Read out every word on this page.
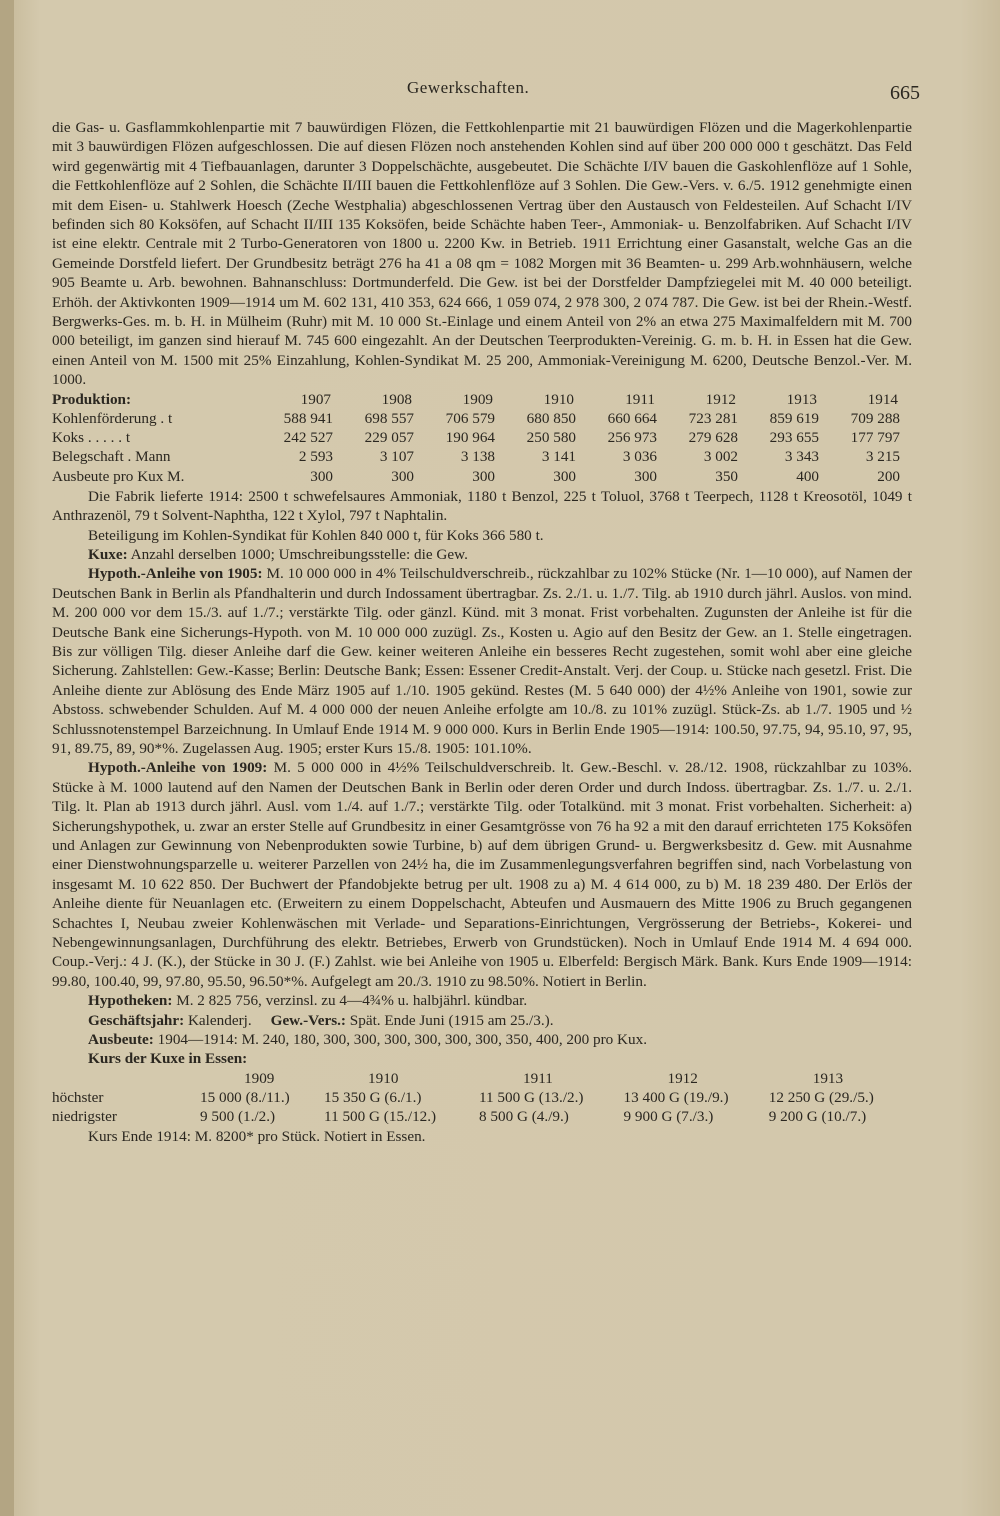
Gewerkschaften.	665

die Gas- u. Gasflammkohlenpartie mit 7 bauwürdigen Flözen, die Fettkohlenpartie mit 21 bauwürdigen Flözen und die Magerkohlenpartie mit 3 bauwürdigen Flözen aufgeschlossen. Die auf diesen Flözen noch anstehenden Kohlen sind auf über 200 000 000 t geschätzt. Das Feld wird gegenwärtig mit 4 Tiefbauanlagen, darunter 3 Doppelschächte, ausgebeutet. Die Schächte I/IV bauen die Gaskohlenflöze auf 1 Sohle, die Fettkohlenflöze auf 2 Sohlen, die Schächte II/III bauen die Fettkohlenflöze auf 3 Sohlen. Die Gew.-Vers. v. 6./5. 1912 genehmigte einen mit dem Eisen- u. Stahlwerk Hoesch (Zeche Westphalia) abgeschlossenen Vertrag über den Austausch von Feldesteilen. Auf Schacht I/IV befinden sich 80 Koksöfen, auf Schacht II/III 135 Koksöfen, beide Schächte haben Teer-, Ammoniak- u. Benzolfabriken. Auf Schacht I/IV ist eine elektr. Centrale mit 2 Turbo-Generatoren von 1800 u. 2200 Kw. in Betrieb. 1911 Errichtung einer Gasanstalt, welche Gas an die Gemeinde Dorstfeld liefert. Der Grundbesitz beträgt 276 ha 41 a 08 qm = 1082 Morgen mit 36 Beamten- u. 299 Arb.wohnhäusern, welche 905 Beamte u. Arb. bewohnen. Bahnanschluss: Dortmunderfeld. Die Gew. ist bei der Dorstfelder Dampfziegelei mit M. 40 000 beteiligt. Erhöh. der Aktivkonten 1909—1914 um M. 602 131, 410 353, 624 666, 1 059 074, 2 978 300, 2 074 787. Die Gew. ist bei der Rhein.-Westf. Bergwerks-Ges. m. b. H. in Mülheim (Ruhr) mit M. 10 000 St.-Einlage und einem Anteil von 2% an etwa 275 Maximalfeldern mit M. 700 000 beteiligt, im ganzen sind hierauf M. 745 600 eingezahlt. An der Deutschen Teerprodukten-Vereinig. G. m. b. H. in Essen hat die Gew. einen Anteil von M. 1500 mit 25% Einzahlung, Kohlen-Syndikat M. 25 200, Ammoniak-Vereinigung M. 6200, Deutsche Benzol.-Ver. M. 1000.

Produktion:	1907	1908	1909	1910	1911	1912	1913	1914
Kohlenförderung . t	588 941	698 557	706 579	680 850	660 664	723 281	859 619	709 288
Koks . . . . . t	242 527	229 057	190 964	250 580	256 973	279 628	293 655	177 797
Belegschaft . Mann	2 593	3 107	3 138	3 141	3 036	3 002	3 343	3 215
Ausbeute pro Kux M.	300	300	300	300	300	350	400	200

Die Fabrik lieferte 1914: 2500 t schwefelsaures Ammoniak, 1180 t Benzol, 225 t Toluol, 3768 t Teerpech, 1128 t Kreosotöl, 1049 t Anthrazenöl, 79 t Solvent-Naphtha, 122 t Xylol, 797 t Naphtalin.

Beteiligung im Kohlen-Syndikat für Kohlen 840 000 t, für Koks 366 580 t.

Kuxe: Anzahl derselben 1000; Umschreibungsstelle: die Gew.

Hypoth.-Anleihe von 1905: M. 10 000 000 in 4% Teilschuldverschreib., rückzahlbar zu 102% Stücke (Nr. 1—10 000), auf Namen der Deutschen Bank in Berlin als Pfandhalterin und durch Indossament übertragbar. Zs. 2./1. u. 1./7. Tilg. ab 1910 durch jährl. Auslos. von mind. M. 200 000 vor dem 15./3. auf 1./7.; verstärkte Tilg. oder gänzl. Künd. mit 3 monat. Frist vorbehalten. Zugunsten der Anleihe ist für die Deutsche Bank eine Sicherungs-Hypoth. von M. 10 000 000 zuzügl. Zs., Kosten u. Agio auf den Besitz der Gew. an 1. Stelle eingetragen. Bis zur völligen Tilg. dieser Anleihe darf die Gew. keiner weiteren Anleihe ein besseres Recht zugestehen, somit wohl aber eine gleiche Sicherung. Zahlstellen: Gew.-Kasse; Berlin: Deutsche Bank; Essen: Essener Credit-Anstalt. Verj. der Coup. u. Stücke nach gesetzl. Frist. Die Anleihe diente zur Ablösung des Ende März 1905 auf 1./10. 1905 gekünd. Restes (M. 5 640 000) der 4½% Anleihe von 1901, sowie zur Abstoss. schwebender Schulden. Auf M. 4 000 000 der neuen Anleihe erfolgte am 10./8. zu 101% zuzügl. Stück-Zs. ab 1./7. 1905 und ½ Schlussnotenstempel Barzeichnung. In Umlauf Ende 1914 M. 9 000 000. Kurs in Berlin Ende 1905—1914: 100.50, 97.75, 94, 95.10, 97, 95, 91, 89.75, 89, 90*%. Zugelassen Aug. 1905; erster Kurs 15./8. 1905: 101.10%.

Hypoth.-Anleihe von 1909: M. 5 000 000 in 4½% Teilschuldverschreib. lt. Gew.-Beschl. v. 28./12. 1908, rückzahlbar zu 103%. Stücke à M. 1000 lautend auf den Namen der Deutschen Bank in Berlin oder deren Order und durch Indoss. übertragbar. Zs. 1./7. u. 2./1. Tilg. lt. Plan ab 1913 durch jährl. Ausl. vom 1./4. auf 1./7.; verstärkte Tilg. oder Totalkünd. mit 3 monat. Frist vorbehalten. Sicherheit: a) Sicherungshypothek, u. zwar an erster Stelle auf Grundbesitz in einer Gesamtgrösse von 76 ha 92 a mit den darauf errichteten 175 Koksöfen und Anlagen zur Gewinnung von Nebenprodukten sowie Turbine, b) auf dem übrigen Grund- u. Bergwerksbesitz d. Gew. mit Ausnahme einer Dienstwohnungsparzelle u. weiterer Parzellen von 24½ ha, die im Zusammenlegungsverfahren begriffen sind, nach Vorbelastung von insgesamt M. 10 622 850. Der Buchwert der Pfandobjekte betrug per ult. 1908 zu a) M. 4 614 000, zu b) M. 18 239 480. Der Erlös der Anleihe diente für Neuanlagen etc. (Erweitern zu einem Doppelschacht, Abteufen und Ausmauern des Mitte 1906 zu Bruch gegangenen Schachtes I, Neubau zweier Kohlenwäschen mit Verlade- und Separations-Einrichtungen, Vergrösserung der Betriebs-, Kokerei- und Nebengewinnungsanlagen, Durchführung des elektr. Betriebes, Erwerb von Grundstücken). Noch in Umlauf Ende 1914 M. 4 694 000. Coup.-Verj.: 4 J. (K.), der Stücke in 30 J. (F.) Zahlst. wie bei Anleihe von 1905 u. Elberfeld: Bergisch Märk. Bank. Kurs Ende 1909—1914: 99.80, 100.40, 99, 97.80, 95.50, 96.50*%. Aufgelegt am 20./3. 1910 zu 98.50%. Notiert in Berlin.

Hypotheken: M. 2 825 756, verzinsl. zu 4—4¾% u. halbjährl. kündbar.

Geschäftsjahr: Kalenderj. Gew.-Vers.: Spät. Ende Juni (1915 am 25./3.).

Ausbeute: 1904—1914: M. 240, 180, 300, 300, 300, 300, 300, 300, 350, 400, 200 pro Kux.

Kurs der Kuxe in Essen:

	1909	1910	1911	1912	1913
höchster	15 000 (8./11.)	15 350 G (6./1.)	11 500 G (13./2.)	13 400 G (19./9.)	12 250 G (29./5.)
niedrigster	9 500 (1./2.)	11 500 G (15./12.)	8 500 G (4./9.)	9 900 G (7./3.)	9 200 G (10./7.)

Kurs Ende 1914: M. 8200* pro Stück. Notiert in Essen.
